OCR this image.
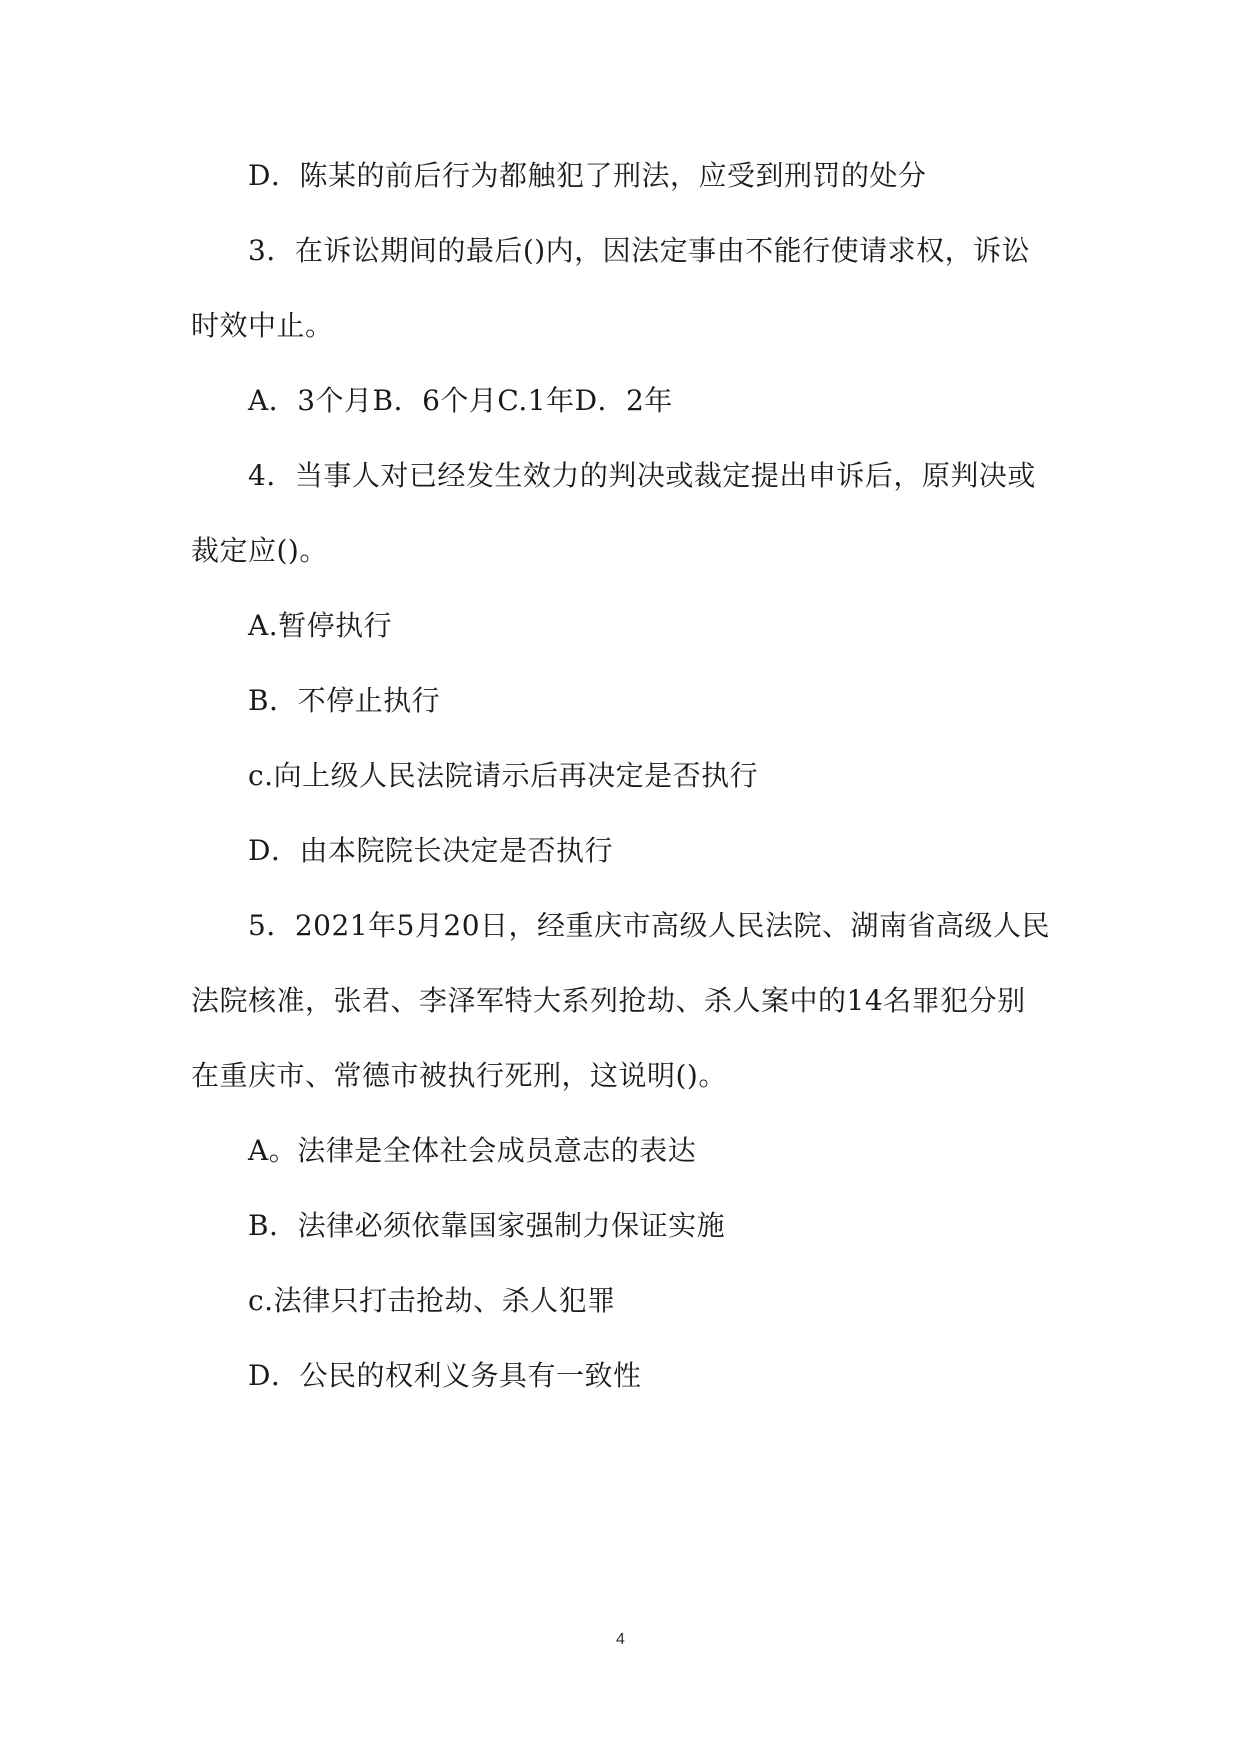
D．陈某的前后行为都触犯了刑法，应受到刑罚的处分
3．在诉讼期间的最后()内，因法定事由不能行使请求权，诉讼
时效中止。
A．3个月B．6个月C.1年D．2年
4．当事人对已经发生效力的判决或裁定提出申诉后，原判决或
裁定应()。
A.暂停执行
B．不停止执行
c.向上级人民法院请示后再决定是否执行
D．由本院院长决定是否执行
5．2021年5月20日，经重庆市高级人民法院、湖南省高级人民
法院核准，张君、李泽军特大系列抢劫、杀人案中的14名罪犯分别
在重庆市、常德市被执行死刑，这说明()。
A。法律是全体社会成员意志的表达
B．法律必须依靠国家强制力保证实施
c.法律只打击抢劫、杀人犯罪
D．公民的权利义务具有一致性
4
